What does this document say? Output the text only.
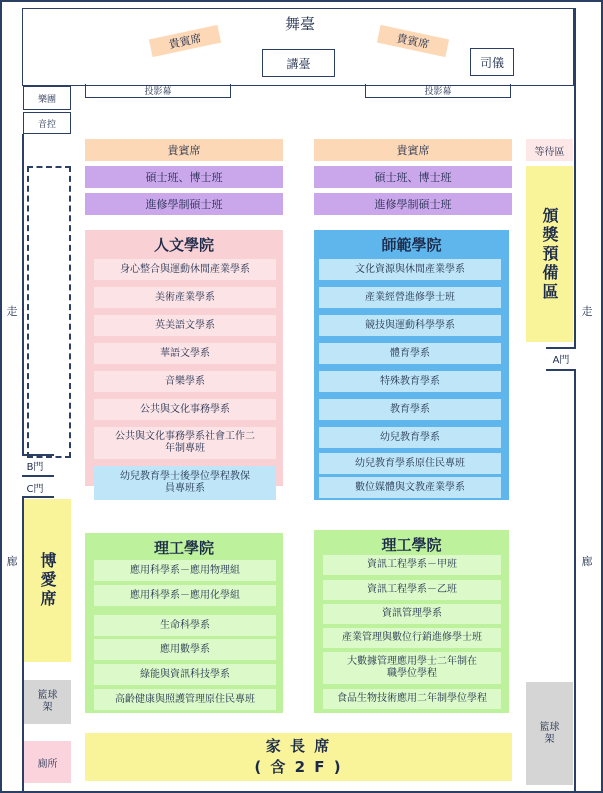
舞臺
貴賓席	貴賓席
講臺	司儀
樂團
音控
投影幕	投影幕
貴賓席	貴賓席	等待區
碩士班、博士班	碩士班、博士班
進修學制碩士班	進修學制碩士班
頒獎預備區
B門
C門
走
廊	博愛席
籃球架
廁所
A門
走
廊
籃球架
人文學院
身心整合與運動休閒產業學系
美術產業學系
英美語文學系
華語文學系
音樂學系
公共與文化事務學系
公共與文化事務學系社會工作二年制專班
幼兒教育學士後學位學程教保員專班系
師範學院
文化資源與休閒產業學系
產業經營進修學士班
競技與運動科學學系
體育學系
特殊教育學系
教育學系
幼兒教育學系
幼兒教育學系原住民專班
數位媒體與文教產業學系
理工學院
應用科學系－應用物理組
應用科學系－應用化學組
生命科學系
應用數學系
綠能與資訊科技學系
高齡健康與照護管理原住民專班
理工學院
資訊工程學系－甲班
資訊工程學系－乙班
資訊管理學系
產業管理與數位行銷進修學士班
大數據管理應用學士二年制在職學位學程
食品生物技術應用二年制學位學程
家 長 席
( 含 2 F )
